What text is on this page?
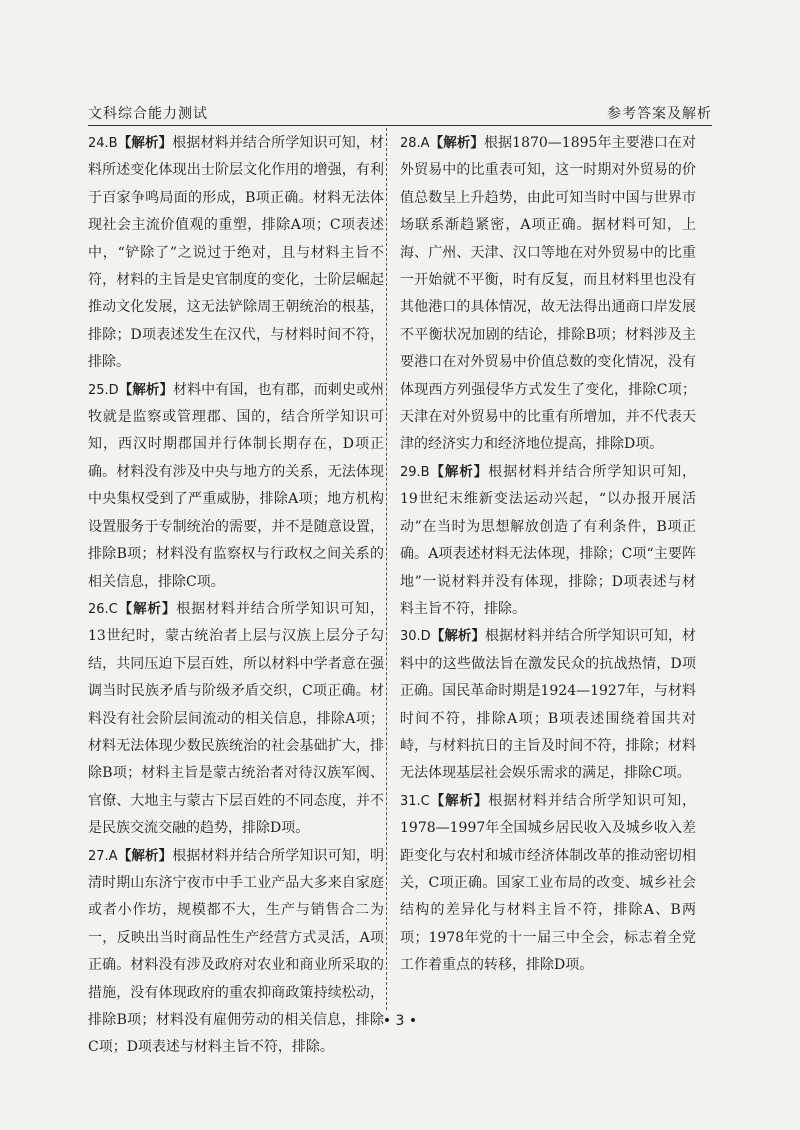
文科综合能力测试	参考答案及解析

24.B【解析】根据材料并结合所学知识可知，材料所述变化体现出士阶层文化作用的增强，有利于百家争鸣局面的形成，B项正确。材料无法体现社会主流价值观的重塑，排除A项；C项表述中，“铲除了”之说过于绝对，且与材料主旨不符，材料的主旨是史官制度的变化，士阶层崛起推动文化发展，这无法铲除周王朝统治的根基，排除；D项表述发生在汉代，与材料时间不符，排除。

25.D【解析】材料中有国，也有郡，而刺史或州牧就是监察或管理郡、国的，结合所学知识可知，西汉时期郡国并行体制长期存在，D项正确。材料没有涉及中央与地方的关系，无法体现中央集权受到了严重威胁，排除A项；地方机构设置服务于专制统治的需要，并不是随意设置，排除B项；材料没有监察权与行政权之间关系的相关信息，排除C项。

26.C【解析】根据材料并结合所学知识可知，13世纪时，蒙古统治者上层与汉族上层分子勾结，共同压迫下层百姓，所以材料中学者意在强调当时民族矛盾与阶级矛盾交织，C项正确。材料没有社会阶层间流动的相关信息，排除A项；材料无法体现少数民族统治的社会基础扩大，排除B项；材料主旨是蒙古统治者对待汉族军阀、官僚、大地主与蒙古下层百姓的不同态度，并不是民族交流交融的趋势，排除D项。

27.A【解析】根据材料并结合所学知识可知，明清时期山东济宁夜市中手工业产品大多来自家庭或者小作坊，规模都不大，生产与销售合二为一，反映出当时商品性生产经营方式灵活，A项正确。材料没有涉及政府对农业和商业所采取的措施，没有体现政府的重农抑商政策持续松动，排除B项；材料没有雇佣劳动的相关信息，排除C项；D项表述与材料主旨不符，排除。

28.A【解析】根据1870—1895年主要港口在对外贸易中的比重表可知，这一时期对外贸易的价值总数呈上升趋势，由此可知当时中国与世界市场联系渐趋紧密，A项正确。据材料可知，上海、广州、天津、汉口等地在对外贸易中的比重一开始就不平衡，时有反复，而且材料里也没有其他港口的具体情况，故无法得出通商口岸发展不平衡状况加剧的结论，排除B项；材料涉及主要港口在对外贸易中价值总数的变化情况，没有体现西方列强侵华方式发生了变化，排除C项；天津在对外贸易中的比重有所增加，并不代表天津的经济实力和经济地位提高，排除D项。

29.B【解析】根据材料并结合所学知识可知，19世纪末维新变法运动兴起，“以办报开展活动”在当时为思想解放创造了有利条件，B项正确。A项表述材料无法体现，排除；C项“主要阵地”一说材料并没有体现，排除；D项表述与材料主旨不符，排除。

30.D【解析】根据材料并结合所学知识可知，材料中的这些做法旨在激发民众的抗战热情，D项正确。国民革命时期是1924—1927年，与材料时间不符，排除A项；B项表述围绕着国共对峙，与材料抗日的主旨及时间不符，排除；材料无法体现基层社会娱乐需求的满足，排除C项。

31.C【解析】根据材料并结合所学知识可知，1978—1997年全国城乡居民收入及城乡收入差距变化与农村和城市经济体制改革的推动密切相关，C项正确。国家工业布局的改变、城乡社会结构的差异化与材料主旨不符，排除A、B两项；1978年党的十一届三中全会，标志着全党工作着重点的转移，排除D项。

• 3 •
